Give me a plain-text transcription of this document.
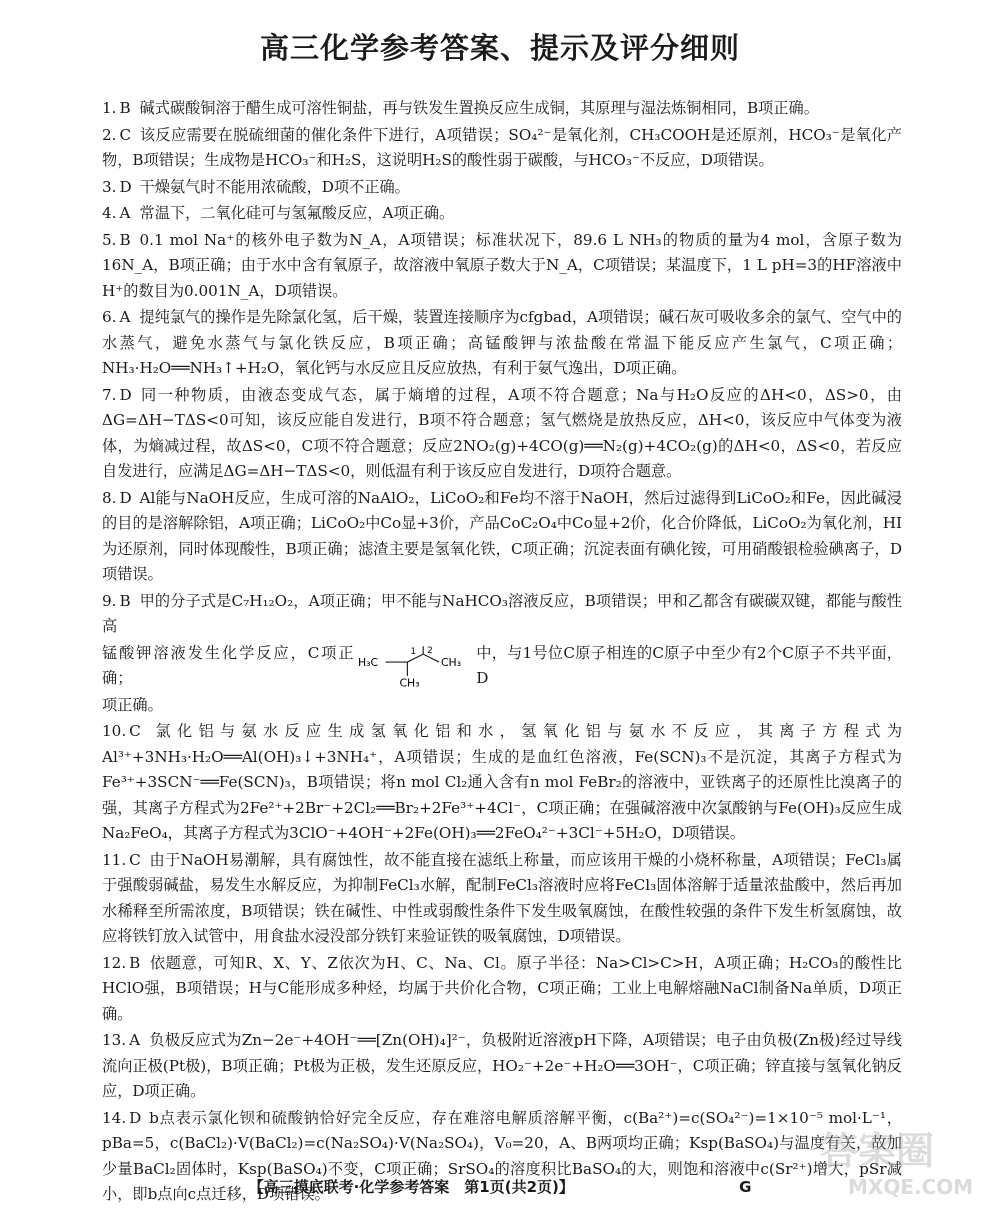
高三化学参考答案、提示及评分细则
1. B 碱式碳酸铜溶于醋生成可溶性铜盐，再与铁发生置换反应生成铜，其原理与湿法炼铜相同，B项正确。
2. C 该反应需要在脱硫细菌的催化条件下进行，A项错误；SO₄²⁻是氧化剂，CH₃COOH是还原剂，HCO₃⁻是氧化产物，B项错误；生成物是HCO₃⁻和H₂S，这说明H₂S的酸性弱于碳酸，与HCO₃⁻不反应，D项错误。
3. D 干燥氨气时不能用浓硫酸，D项不正确。
4. A 常温下，二氧化硅可与氢氟酸反应，A项正确。
5. B 0.1 mol Na⁺的核外电子数为N_A，A项错误；标准状况下，89.6 L NH₃的物质的量为4 mol，含原子数为16N_A，B项正确；由于水中含有氧原子，故溶液中氧原子数大于N_A，C项错误；某温度下，1 L pH=3的HF溶液中H⁺的数目为0.001N_A，D项错误。
6. A 提纯氯气的操作是先除氯化氢，后干燥，装置连接顺序为cfgbad，A项错误；碱石灰可吸收多余的氯气、空气中的水蒸气，避免水蒸气与氯化铁反应，B项正确；高锰酸钾与浓盐酸在常温下能反应产生氯气，C项正确；NH₃·H₂O══NH₃↑+H₂O，氧化钙与水反应且反应放热，有利于氨气逸出，D项正确。
7. D 同一种物质，由液态变成气态，属于熵增的过程，A项不符合题意；Na与H₂O反应的ΔH<0，ΔS>0，由ΔG=ΔH−TΔS<0可知，该反应能自发进行，B项不符合题意；氢气燃烧是放热反应，ΔH<0，该反应中气体变为液体，为熵减过程，故ΔS<0，C项不符合题意；反应2NO₂(g)+4CO(g)══N₂(g)+4CO₂(g)的ΔH<0，ΔS<0，若反应自发进行，应满足ΔG=ΔH−TΔS<0，则低温有利于该反应自发进行，D项符合题意。
8. D Al能与NaOH反应，生成可溶的NaAlO₂，LiCoO₂和Fe均不溶于NaOH，然后过滤得到LiCoO₂和Fe，因此碱浸的目的是溶解除铝，A项正确；LiCoO₂中Co显+3价，产品CoC₂O₄中Co显+2价，化合价降低，LiCoO₂为氧化剂，HI为还原剂，同时体现酸性，B项正确；滤渣主要是氢氧化铁，C项正确；沉淀表面有碘化铵，可用硝酸银检验碘离子，D项错误。
9. B 甲的分子式是C₇H₁₂O₂，A项正确；甲不能与NaHCO₃溶液反应，B项错误；甲和乙都含有碳碳双键，都能与酸性高
锰酸钾溶液发生化学反应，C项正确；
H₃C
1 2
CH₃
CH₃
中，与1号位C原子相连的C原子中至少有2个C原子不共平面，D
项正确。
10. C 氯化铝与氨水反应生成氢氧化铝和水，氢氧化铝与氨水不反应，其离子方程式为Al³⁺+3NH₃·H₂O══Al(OH)₃↓+3NH₄⁺，A项错误；生成的是血红色溶液，Fe(SCN)₃不是沉淀，其离子方程式为Fe³⁺+3SCN⁻══Fe(SCN)₃，B项错误；将n mol Cl₂通入含有n mol FeBr₂的溶液中，亚铁离子的还原性比溴离子的强，其离子方程式为2Fe²⁺+2Br⁻+2Cl₂══Br₂+2Fe³⁺+4Cl⁻，C项正确；在强碱溶液中次氯酸钠与Fe(OH)₃反应生成Na₂FeO₄，其离子方程式为3ClO⁻+4OH⁻+2Fe(OH)₃══2FeO₄²⁻+3Cl⁻+5H₂O，D项错误。
11. C 由于NaOH易潮解，具有腐蚀性，故不能直接在滤纸上称量，而应该用干燥的小烧杯称量，A项错误；FeCl₃属于强酸弱碱盐，易发生水解反应，为抑制FeCl₃水解，配制FeCl₃溶液时应将FeCl₃固体溶解于适量浓盐酸中，然后再加水稀释至所需浓度，B项错误；铁在碱性、中性或弱酸性条件下发生吸氧腐蚀，在酸性较强的条件下发生析氢腐蚀，故应将铁钉放入试管中，用食盐水浸没部分铁钉来验证铁的吸氧腐蚀，D项错误。
12. B 依题意，可知R、X、Y、Z依次为H、C、Na、Cl。原子半径：Na>Cl>C>H，A项正确；H₂CO₃的酸性比HClO强，B项错误；H与C能形成多种烃，均属于共价化合物，C项正确；工业上电解熔融NaCl制备Na单质，D项正确。
13. A 负极反应式为Zn−2e⁻+4OH⁻══[Zn(OH)₄]²⁻，负极附近溶液pH下降，A项错误；电子由负极(Zn极)经过导线流向正极(Pt极)，B项正确；Pt极为正极，发生还原反应，HO₂⁻+2e⁻+H₂O══3OH⁻，C项正确；锌直接与氢氧化钠反应，D项正确。
14. D b点表示氯化钡和硫酸钠恰好完全反应，存在难溶电解质溶解平衡，c(Ba²⁺)=c(SO₄²⁻)=1×10⁻⁵ mol·L⁻¹，pBa=5，c(BaCl₂)·V(BaCl₂)=c(Na₂SO₄)·V(Na₂SO₄)，V₀=20，A、B两项均正确；Ksp(BaSO₄)与温度有关，故加少量BaCl₂固体时，Ksp(BaSO₄)不变，C项正确；SrSO₄的溶度积比BaSO₄的大，则饱和溶液中c(Sr²⁺)增大，pSr减小，即b点向c点迁移，D项错误。
【高三摸底联考·化学参考答案　第1页(共2页)】	G
答案圈
MXQE.COM
